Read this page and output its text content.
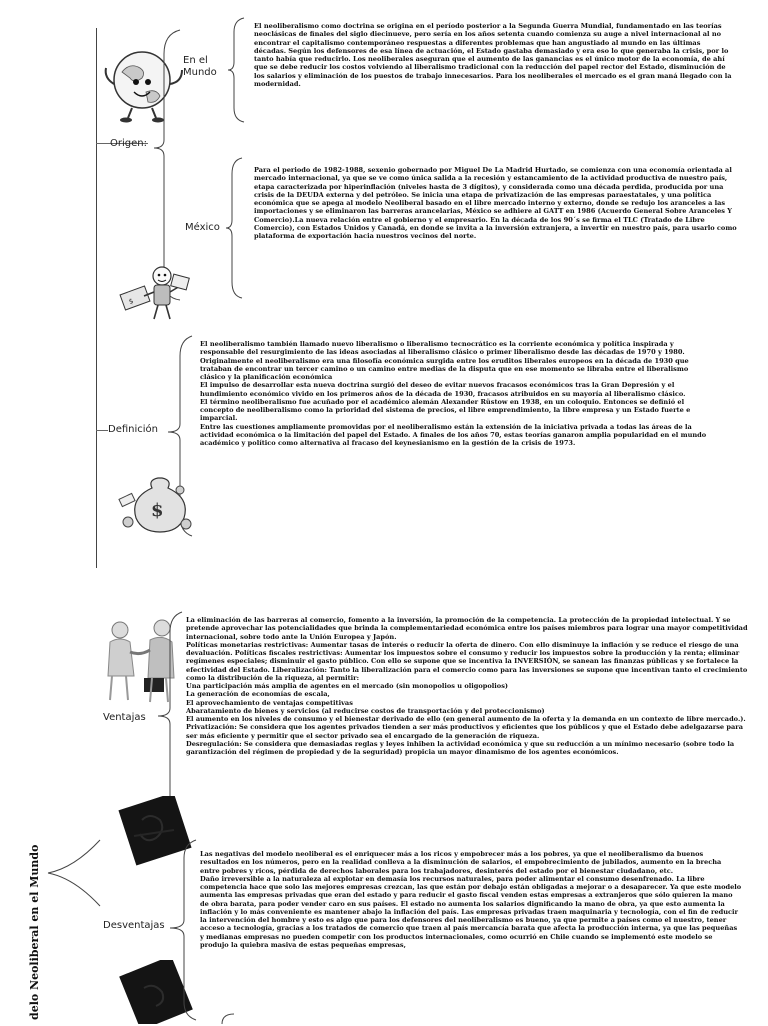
Origen:
En el Mundo
El neoliberalismo como doctrina se origina en el período posterior a la Segunda Guerra Mundial, fundamentado en las teorías neoclásicas de finales del siglo diecinueve, pero sería en los años setenta cuando comienza su auge a nivel internacional al no encontrar el capitalismo contemporáneo respuestas a diferentes problemas que han angustiado al mundo en las últimas décadas. Según los defensores de esa línea de actuación, el Estado gastaba demasiado y era eso lo que generaba la crisis, por lo tanto había que reducirlo. Los neoliberales aseguran que el aumento de las ganancias es el único motor de la economía, de ahí que se debe reducir los costos volviendo al liberalismo tradicional con la reducción del papel rector del Estado, disminución de los salarios y eliminación de los puestos de trabajo innecesarios. Para los neoliberales el mercado es el gran maná llegado con la modernidad.
México
Para el periodo de 1982-1988, sexenio gobernado por Miguel De La Madrid Hurtado, se comienza con una economía orientada al mercado internacional, ya que se ve como única salida a la recesión y estancamiento de la actividad productiva de nuestro país, etapa caracterizada por hiperinflación (niveles hasta de 3 dígitos), y considerada como una década perdida, producida por una crisis de la DEUDA externa y del petróleo. Se inicia una etapa de privatización de las empresas paraestatales, y una política económica que se apega al modelo Neoliberal basado en el libre mercado interno y externo, donde se redujo los aranceles a las importaciones y se eliminaron las barreras arancelarias, México se adhiere al GATT en 1986 (Acuerdo General Sobre Aranceles Y Comercio).La nueva relación entre el gobierno y el empresario. En la década de los 90´s se firma el TLC (Tratado de Libre Comercio), con Estados Unidos y Canadá, en donde se invita a la inversión extranjera, a invertir en nuestro país, para usarlo como plataforma de exportación hacia nuestros vecinos del norte.
$
Definición
El neoliberalismo también llamado nuevo liberalismo o liberalismo tecnocrático es la corriente económica y política inspirada y responsable del resurgimiento de las ideas asociadas al liberalismo clásico o primer liberalismo desde las décadas de 1970 y 1980.
Originalmente el neoliberalismo era una filosofía económica surgida entre los eruditos liberales europeos en la década de 1930 que trataban de encontrar un tercer camino o un camino entre medias de la disputa que en ese momento se libraba entre el liberalismo clásico y la planificación económica
El impulso de desarrollar esta nueva doctrina surgió del deseo de evitar nuevos fracasos económicos tras la Gran Depresión y el hundimiento económico vivido en los primeros años de la década de 1930, fracasos atribuidos en su mayoría al liberalismo clásico.
El término neoliberalismo fue acuñado por el académico alemán Alexander Rüstow en 1938, en un coloquio. Entonces se definió el concepto de neoliberalismo como la prioridad del sistema de precios, el libre emprendimiento, la libre empresa y un Estado fuerte e imparcial.
Entre las cuestiones ampliamente promovidas por el neoliberalismo están la extensión de la iniciativa privada a todas las áreas de la actividad económica o la limitación del papel del Estado. A finales de los años 70, estas teorías ganaron amplia popularidad en el mundo académico y político como alternativa al fracaso del keynesianismo en la gestión de la crisis de 1973.
$
delo Neoliberal en el Mundo
Ventajas
La eliminación de las barreras al comercio, fomento a la inversión, la promoción de la competencia. La protección de la propiedad intelectual. Y se pretende aprovechar las potencialidades que brinda la complementariedad económica entre los países miembros para lograr una mayor competitividad internacional, sobre todo ante la Unión Europea y Japón.
Políticas monetarias restrictivas: Aumentar tasas de interés o reducir la oferta de dinero. Con ello disminuye la inflación y se reduce el riesgo de una devaluación. Políticas fiscales restrictivas: Aumentar los impuestos sobre el consumo y reducir los impuestos sobre la producción y la renta; eliminar regímenes especiales; disminuir el gasto público. Con ello se supone que se incentiva la INVERSIÓN, se sanean las finanzas públicas y se fortalece la efectividad del Estado. Liberalización: Tanto la liberalización para el comercio como para las inversiones se supone que incentivan tanto el crecimiento como la distribución de la riqueza, al permitir:
Una participación más amplia de agentes en el mercado (sin monopolios u oligopolios)
La generación de economías de escala,
El aprovechamiento de ventajas competitivas
Abaratamiento de bienes y servicios (al reducirse costos de transportación y del proteccionismo)
El aumento en los niveles de consumo y el bienestar derivado de ello (en general aumento de la oferta y la demanda en un contexto de libre mercado.).
Privatización: Se considera que los agentes privados tienden a ser más productivos y eficientes que los públicos y que el Estado debe adelgazarse para ser más eficiente y permitir que el sector privado sea el encargado de la generación de riqueza.
Desregulación: Se considera que demasiadas reglas y leyes inhiben la actividad económica y que su reducción a un mínimo necesario (sobre todo la garantización del régimen de propiedad y de la seguridad) propicia un mayor dinamismo de los agentes económicos.
Desventajas
Las negativas del modelo neoliberal es el enriquecer más a los ricos y empobrecer más a los pobres, ya que el neoliberalismo da buenos resultados en los números, pero en la realidad conlleva a la disminución de salarios, el empobrecimiento de jubilados, aumento en la brecha entre pobres y ricos, pérdida de derechos laborales para los trabajadores, desinterés del estado por el bienestar ciudadano, etc.
Daño irreversible a la naturaleza al explotar en demasía los recursos naturales, para poder alimentar el consumo desenfrenado. La libre competencia hace que solo las mejores empresas crezcan, las que están por debajo están obligadas a mejorar o a desaparecer. Ya que este modelo aumenta las empresas privadas que eran del estado y para reducir el gasto fiscal venden estas empresas a extranjeros que sólo quieren la mano de obra barata, para poder vender caro en sus países. El estado no aumenta los salarios dignificando la mano de obra, ya que esto aumenta la inflación y lo más conveniente es mantener abajo la inflación del país. Las empresas privadas traen maquinaria y tecnología, con el fin de reducir la intervención del hombre y esto es algo que para los defensores del neoliberalismo es bueno, ya que permite a países como el nuestro, tener acceso a tecnología, gracias a los tratados de comercio que traen al país mercancía barata que afecta la producción interna, ya que las pequeñas y medianas empresas no pueden competir con los productos internacionales, como ocurrió en Chile cuando se implementó este modelo se produjo la quiebra masiva de estas pequeñas empresas,
